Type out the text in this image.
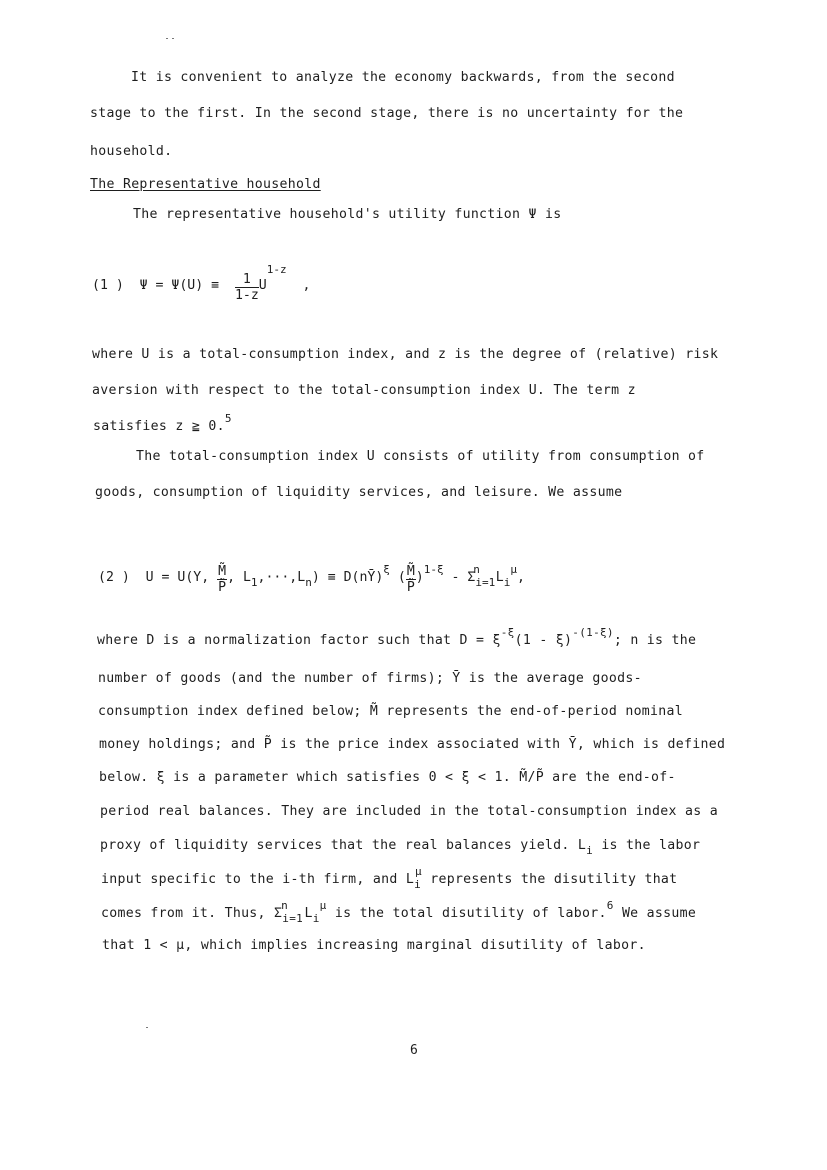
It is convenient to analyze the economy backwards, from the second
stage to the first. In the second stage, there is no uncertainty for the
household.
The Representative household
The representative household's utility function Ψ is
(1 ) $\Psi = \Psi(U) \equiv \frac{1}{1-z} U^{1-z}$  ,
where U is a total-consumption index, and z is the degree of (relative) risk
aversion with respect to the total-consumption index U. The term z
satisfies z ≧ 0.$^5$
The total-consumption index U consists of utility from consumption of
goods, consumption of liquidity services, and leisure. We assume
(2 ) U = U(Y, $\frac{M̃}{P̃}$ , $L_1,\cdot\cdot\cdot,L_n$) ≡ D(nȲ)$^\xi$ ( $\frac{M̃}{P̃} )^{1-\xi} - \Sigma_{i=1}^n$  $L_i^\mu$,
where D is a normalization factor such that $D = \xi^{-\xi}(1 - \xi)^{-(1-\xi)}$; n is the
number of goods (and the number of firms); Ȳ is the average goods-
consumption index defined below; M̃ represents the end-of-period nominal
money holdings; and P̃ is the price index associated with Ȳ, which is defined
below. ξ is a parameter which satisfies 0 < ξ < 1. M̃/P̃ are the end-of-
period real balances. They are included in the total-consumption index as a
proxy of liquidity services that the real balances yield. $L_i$ is the labor
input specific to the i-th firm, and $L_i^\mu$ represents the disutility that
comes from it. Thus, $\Sigma_{i=1}^n$  $L_i^\mu$ is the total disutility of labor.$^6$ We assume
that 1 < μ, which implies increasing marginal disutility of labor.
6
